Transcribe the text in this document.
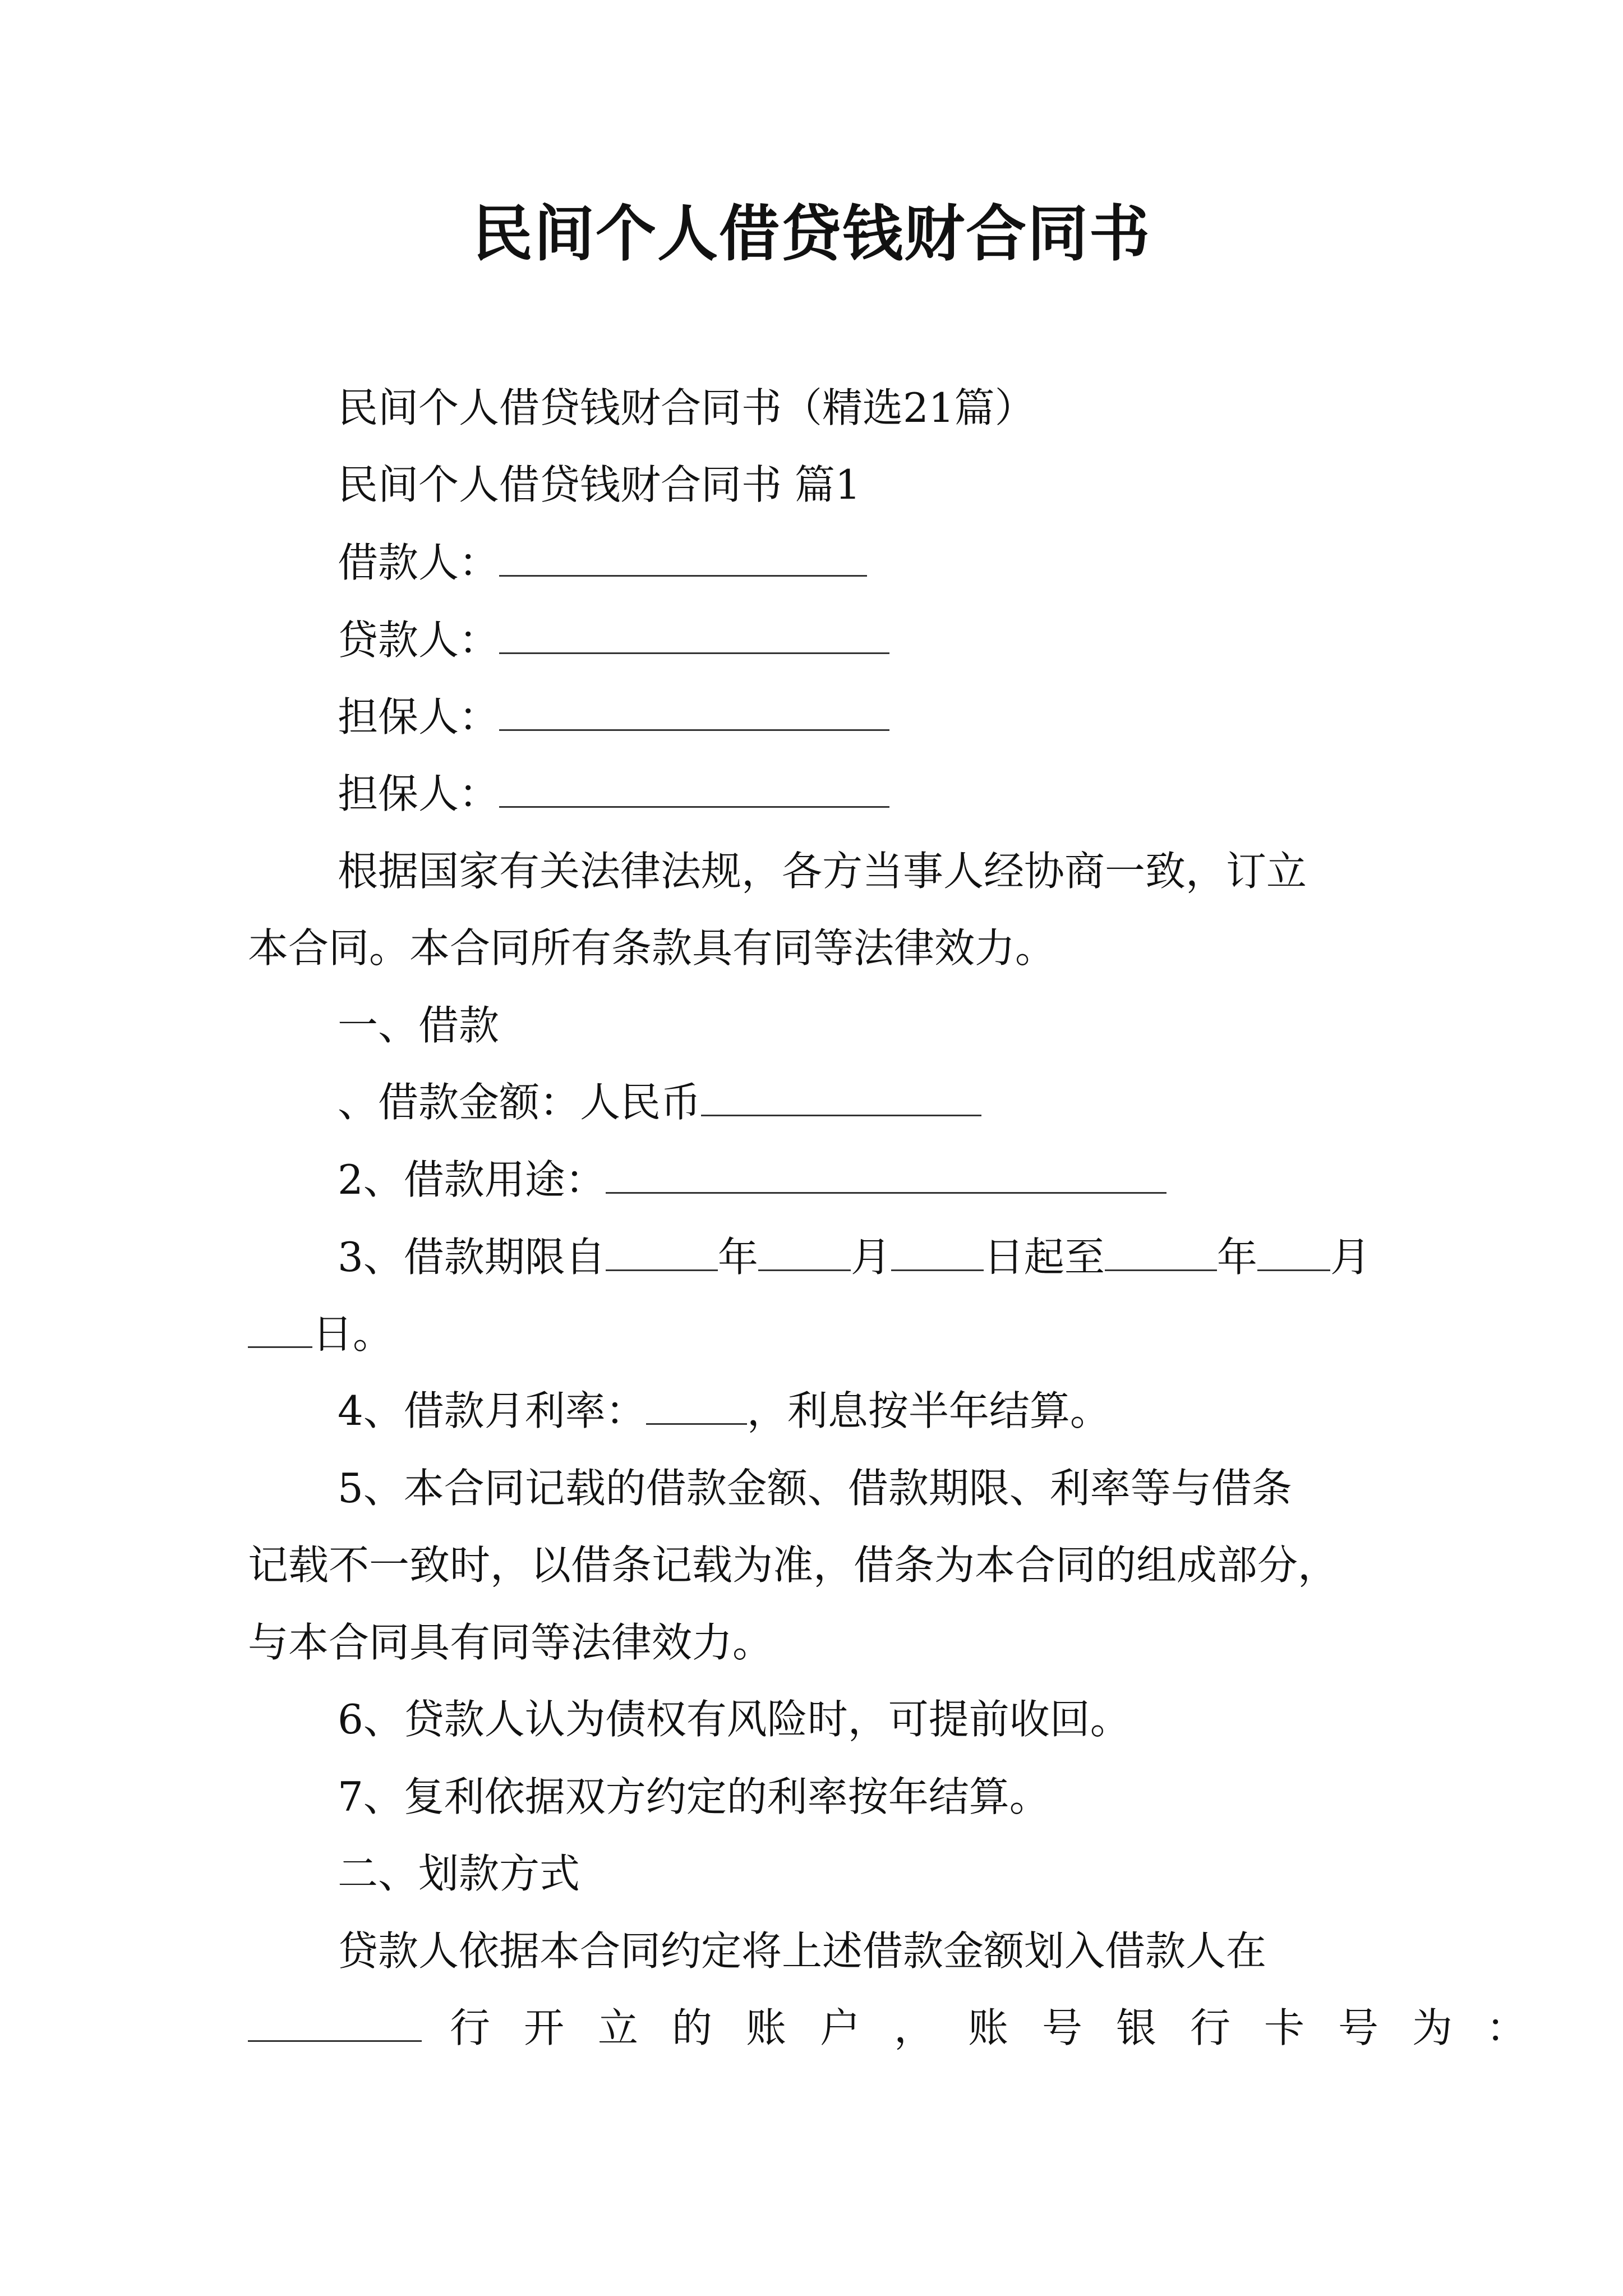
民间个人借贷钱财合同书
民间个人借贷钱财合同书（精选21篇）
民间个人借贷钱财合同书 篇1
借款人：
贷款人：
担保人：
担保人：
根据国家有关法律法规，各方当事人经协商一致，订立
本合同。本合同所有条款具有同等法律效力。
一、借款
、借款金额：人民币
2、借款用途：
3、借款期限自	年 月 日起至	年 月
日。
4、借款月利率：	，利息按半年结算。
5、本合同记载的借款金额、借款期限、利率等与借条
记载不一致时，以借条记载为准，借条为本合同的组成部分，
与本合同具有同等法律效力。
6、贷款人认为债权有风险时，可提前收回。
7、复利依据双方约定的利率按年结算。
二、划款方式
贷款人依据本合同约定将上述借款金额划入借款人在
行开立的账户，账号银行卡号为：
